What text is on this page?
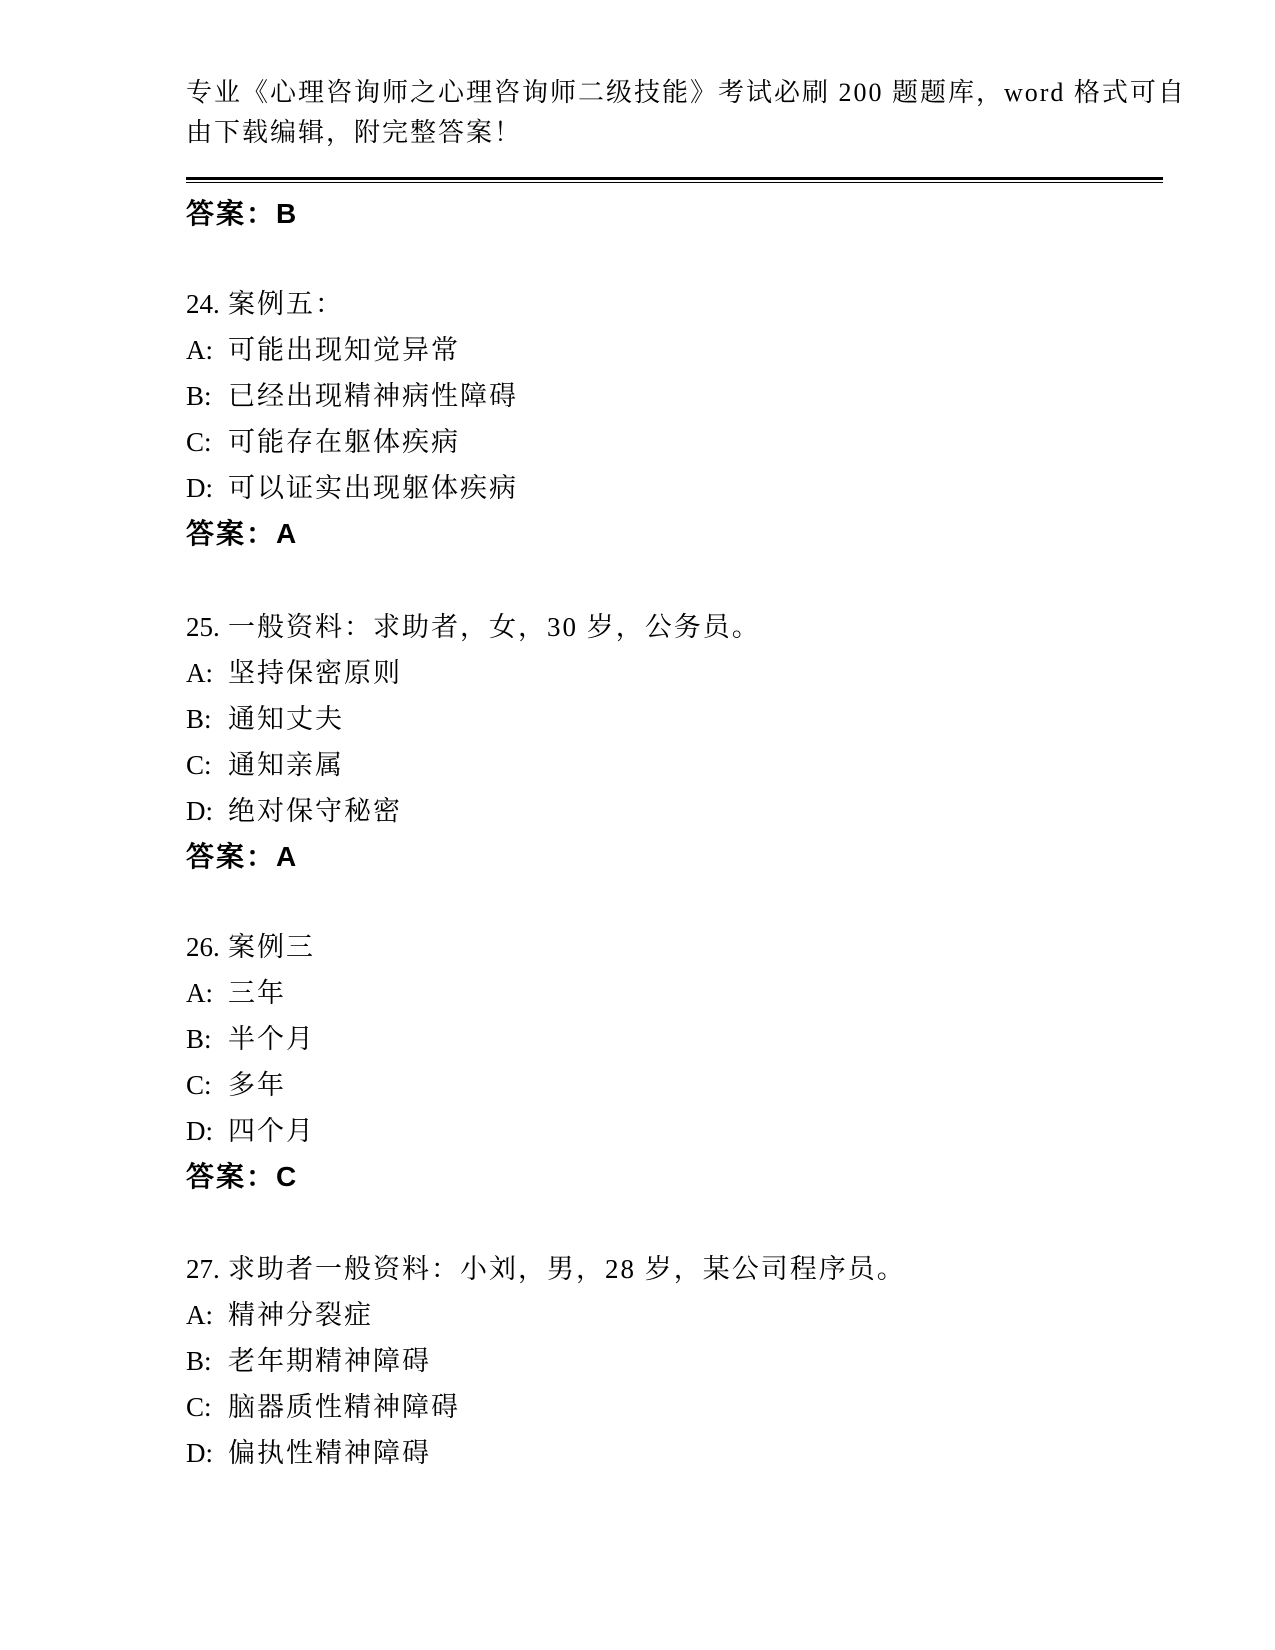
专业《心理咨询师之心理咨询师二级技能》考试必刷 200 题题库，word 格式可自
由下载编辑，附完整答案！
答案：B
24. 案例五：
A: 可能出现知觉异常
B: 已经出现精神病性障碍
C: 可能存在躯体疾病
D: 可以证实出现躯体疾病
答案：A
25. 一般资料：求助者，女，30 岁，公务员。
A: 坚持保密原则
B: 通知丈夫
C: 通知亲属
D: 绝对保守秘密
答案：A
26. 案例三
A: 三年
B: 半个月
C: 多年
D: 四个月
答案：C
27. 求助者一般资料：小刘，男，28 岁，某公司程序员。
A: 精神分裂症
B: 老年期精神障碍
C: 脑器质性精神障碍
D: 偏执性精神障碍
